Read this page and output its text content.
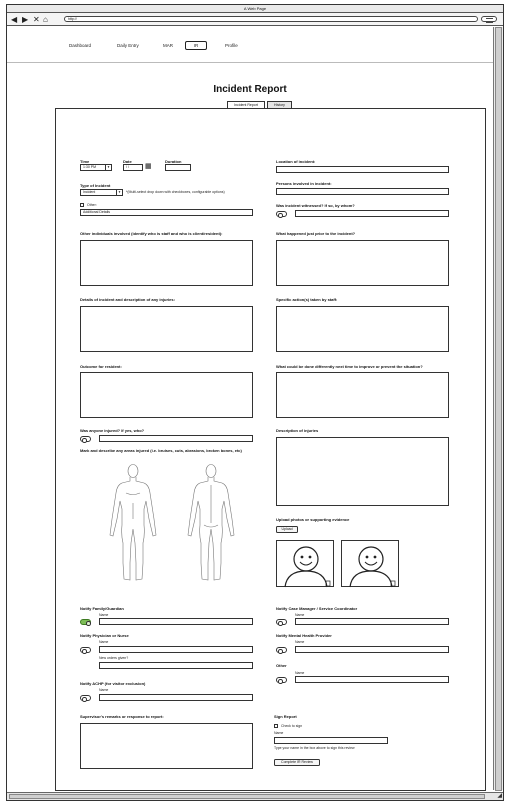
A Web Page
◀ ▶ ✕ ⌂	http://
Dashboard	Daily Entry	MAR	IR	Profile
Incident Report
Incident Report	History
Time
1:30 PM	▾
Date
/ /	▦
Duration
Type of Incident
Incident	▾	*(Multi-select drop down with checkboxes, configurable options)
Other:
Additional Details
Location of incident:
Persons involved in incident:
Was incident witnessed? If so, by whom?
Other individuals involved (identify who is staff and who is client/resident):	What happened just prior to the incident?
Details of incident and description of any injuries:	Specific action(s) taken by staff:
Outcome for resident:	What could be done differently next time to improve or prevent the situation?
Was anyone injured? If yes, who?
Mark and describe any areas injured (i.e. bruises, cuts, abrasions, broken bones, etc)
Description of injuries
Upload photos or supporting evidence
Upload
Notify Family/Guardian
Name
Notify Case Manager / Service Coordinator
Name
Notify Physician or Nurse
Name
New orders given?
Notify Mental Health Provider
Name
Other
Name
Notify ACHP (for visitor exclusion)
Name
Supervisor's remarks or response to report:	Sign Report
Check to sign
Name
Type your name in the box above to sign this review
Complete IR Review
◢
